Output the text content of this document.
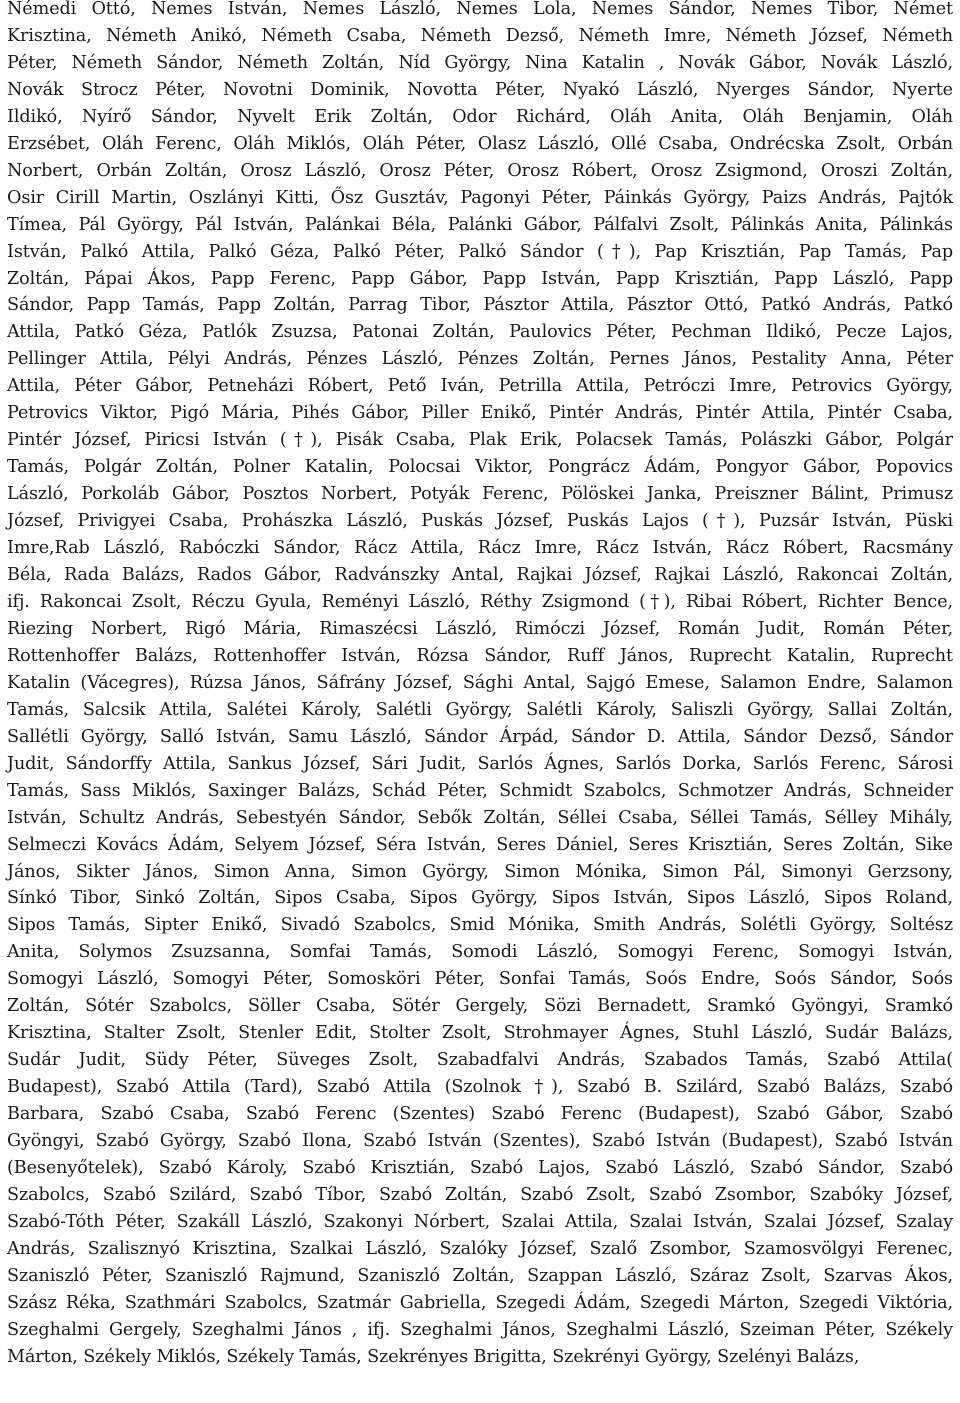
Némedi Ottó, Nemes István, Nemes László, Nemes Lola, Nemes Sándor, Nemes Tibor, Német
Krisztina, Németh Anikó, Németh Csaba, Németh Dezső, Németh Imre, Németh József, Németh
Péter, Németh Sándor, Németh Zoltán, Níd György, Nina Katalin , Novák Gábor, Novák László,
Novák Strocz Péter, Novotni Dominik, Novotta Péter, Nyakó László, Nyerges Sándor, Nyerte
Ildikó, Nyírő Sándor, Nyvelt Erik Zoltán, Odor Richárd, Oláh Anita, Oláh Benjamin, Oláh
Erzsébet, Oláh Ferenc, Oláh Miklós, Oláh Péter, Olasz László, Ollé Csaba, Ondrécska Zsolt, Orbán
Norbert, Orbán Zoltán, Orosz László, Orosz Péter, Orosz Róbert, Orosz Zsigmond, Oroszi Zoltán,
Osir Cirill Martin, Oszlányi Kitti, Ősz Gusztáv, Pagonyi Péter, Páinkás György, Paizs András, Pajtók
Tímea, Pál György, Pál István, Palánkai Béla, Palánki Gábor, Pálfalvi Zsolt, Pálinkás Anita, Pálinkás
István, Palkó Attila, Palkó Géza, Palkó Péter, Palkó Sándor (†), Pap Krisztián, Pap Tamás, Pap
Zoltán, Pápai Ákos, Papp Ferenc, Papp Gábor, Papp István, Papp Krisztián, Papp László, Papp
Sándor, Papp Tamás, Papp Zoltán, Parrag Tibor, Pásztor Attila, Pásztor Ottó, Patkó András, Patkó
Attila, Patkó Géza, Patlók Zsuzsa, Patonai Zoltán, Paulovics Péter, Pechman Ildikó, Pecze Lajos,
Pellinger Attila, Pélyi András, Pénzes László, Pénzes Zoltán, Pernes János, Pestality Anna, Péter
Attila, Péter Gábor, Petneházi Róbert, Pető Iván, Petrilla Attila, Petróczi Imre, Petrovics György,
Petrovics Viktor, Pigó Mária, Pihés Gábor, Piller Enikő, Pintér András, Pintér Attila, Pintér Csaba,
Pintér József, Piricsi István (†), Pisák Csaba, Plak Erik, Polacsek Tamás, Polászki Gábor, Polgár
Tamás, Polgár Zoltán, Polner Katalin, Polocsai Viktor, Pongrácz Ádám, Pongyor Gábor, Popovics
László, Porkoláb Gábor, Posztos Norbert, Potyák Ferenc, Pölöskei Janka, Preiszner Bálint, Primusz
József, Privigyei Csaba, Prohászka László, Puskás József, Puskás Lajos (†), Puzsár István, Püski
Imre,Rab László, Rabóczki Sándor, Rácz Attila, Rácz Imre, Rácz István, Rácz Róbert, Racsmány
Béla, Rada Balázs, Rados Gábor, Radvánszky Antal, Rajkai József, Rajkai László, Rakoncai Zoltán,
ifj. Rakoncai Zsolt, Réczu Gyula, Reményi László, Réthy Zsigmond (†), Ribai Róbert, Richter Bence,
Riezing Norbert, Rigó Mária, Rimaszécsi László, Rimóczi József, Román Judit, Román Péter,
Rottenhoffer Balázs, Rottenhoffer István, Rózsa Sándor, Ruff János, Ruprecht Katalin, Ruprecht
Katalin (Vácegres), Rúzsa János, Sáfrány József, Sághi Antal, Sajgó Emese, Salamon Endre, Salamon
Tamás, Salcsik Attila, Salétei Károly, Salétli György, Salétli Károly, Saliszli György, Sallai Zoltán,
Sallétli György, Salló István, Samu László, Sándor Árpád, Sándor D. Attila, Sándor Dezső, Sándor
Judit, Sándorffy Attila, Sankus József, Sári Judit, Sarlós Ágnes, Sarlós Dorka, Sarlós Ferenc, Sárosi
Tamás, Sass Miklós, Saxinger Balázs, Schád Péter, Schmidt Szabolcs, Schmotzer András, Schneider
István, Schultz András, Sebestyén Sándor, Sebők Zoltán, Séllei Csaba, Séllei Tamás, Sélley Mihály,
Selmeczi Kovács Ádám, Selyem József, Séra István, Seres Dániel, Seres Krisztián, Seres Zoltán, Sike
János, Sikter János, Simon Anna, Simon György, Simon Mónika, Simon Pál, Simonyi Gerzsony,
Sínkó Tibor, Sinkó Zoltán, Sipos Csaba, Sipos György, Sipos István, Sipos László, Sipos Roland,
Sipos Tamás, Sipter Enikő, Sivadó Szabolcs, Smid Mónika, Smith András, Solétli György, Soltész
Anita, Solymos Zsuzsanna, Somfai Tamás, Somodi László, Somogyi Ferenc, Somogyi István,
Somogyi László, Somogyi Péter, Somosköri Péter, Sonfai Tamás, Soós Endre, Soós Sándor, Soós
Zoltán, Sótér Szabolcs, Söller Csaba, Sötér Gergely, Sözi Bernadett, Sramkó Gyöngyi, Sramkó
Krisztina, Stalter Zsolt, Stenler Edit, Stolter Zsolt, Strohmayer Ágnes, Stuhl László, Sudár Balázs,
Sudár Judit, Südy Péter, Süveges Zsolt, Szabadfalvi András, Szabados Tamás, Szabó Attila(
Budapest), Szabó Attila (Tard), Szabó Attila (Szolnok †), Szabó B. Szilárd, Szabó Balázs, Szabó
Barbara, Szabó Csaba, Szabó Ferenc (Szentes) Szabó Ferenc (Budapest), Szabó Gábor, Szabó
Gyöngyi, Szabó György, Szabó Ilona, Szabó István (Szentes), Szabó István (Budapest), Szabó István
(Besenyőtelek), Szabó Károly, Szabó Krisztián, Szabó Lajos, Szabó László, Szabó Sándor, Szabó
Szabolcs, Szabó Szilárd, Szabó Tíbor, Szabó Zoltán, Szabó Zsolt, Szabó Zsombor, Szabóky József,
Szabó-Tóth Péter, Szakáll László, Szakonyi Nórbert, Szalai Attila, Szalai István, Szalai József, Szalay
András, Szalisznyó Krisztina, Szalkai László, Szalóky József, Szalő Zsombor, Szamosvölgyi Ferenec,
Szaniszló Péter, Szaniszló Rajmund, Szaniszló Zoltán, Szappan László, Száraz Zsolt, Szarvas Ákos,
Szász Réka, Szathmári Szabolcs, Szatmár Gabriella, Szegedi Ádám, Szegedi Márton, Szegedi Viktória,
Szeghalmi Gergely, Szeghalmi János , ifj. Szeghalmi János, Szeghalmi László, Szeiman Péter, Székely
Márton, Székely Miklós, Székely Tamás, Szekrényes Brigitta, Szekrényi György, Szelényi Balázs,
